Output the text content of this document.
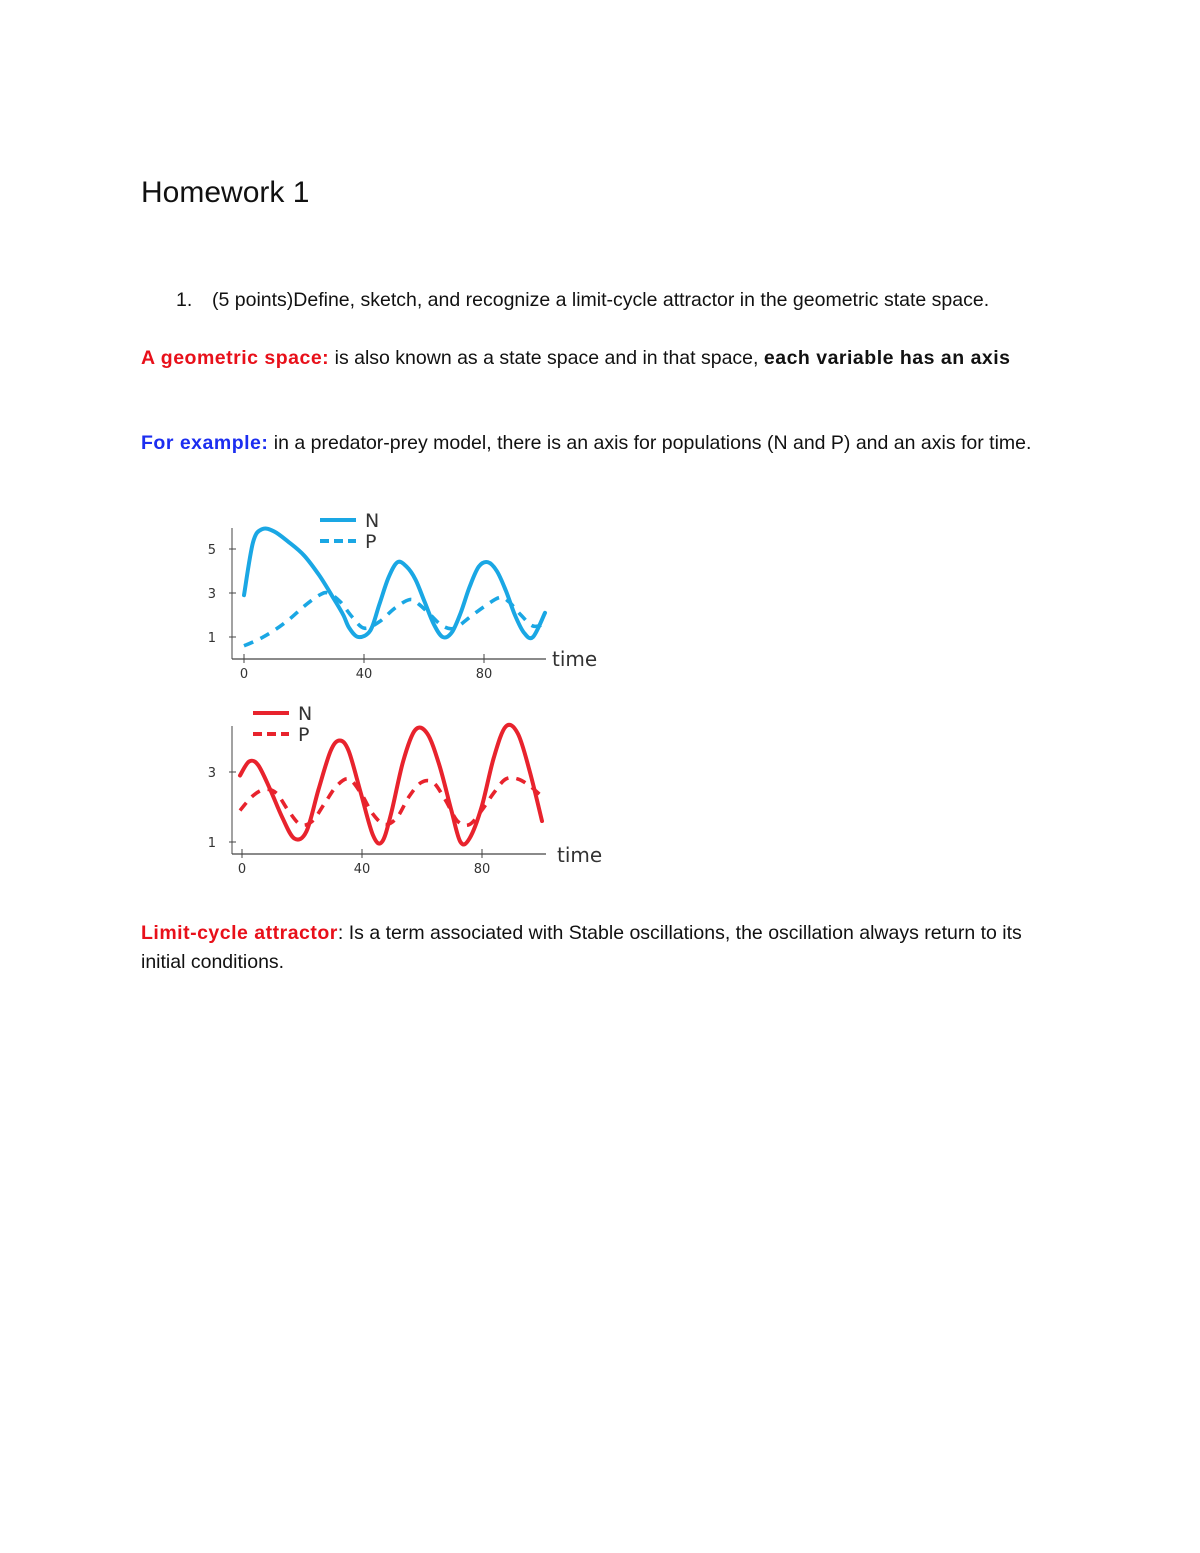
Homework 1
1. (5 points)Define, sketch, and recognize a limit-cycle attractor in the geometric state space.
A geometric space: is also known as a state space and in that space, each variable has an axis
For example: in a predator-prey model, there is an axis for populations (N and P) and an axis for time.
1
3
5
0	40	80
time
N
P
1
3
0	40	80
time
N
P
Limit-cycle attractor: Is a term associated with Stable oscillations, the oscillation always return to its initial conditions.
